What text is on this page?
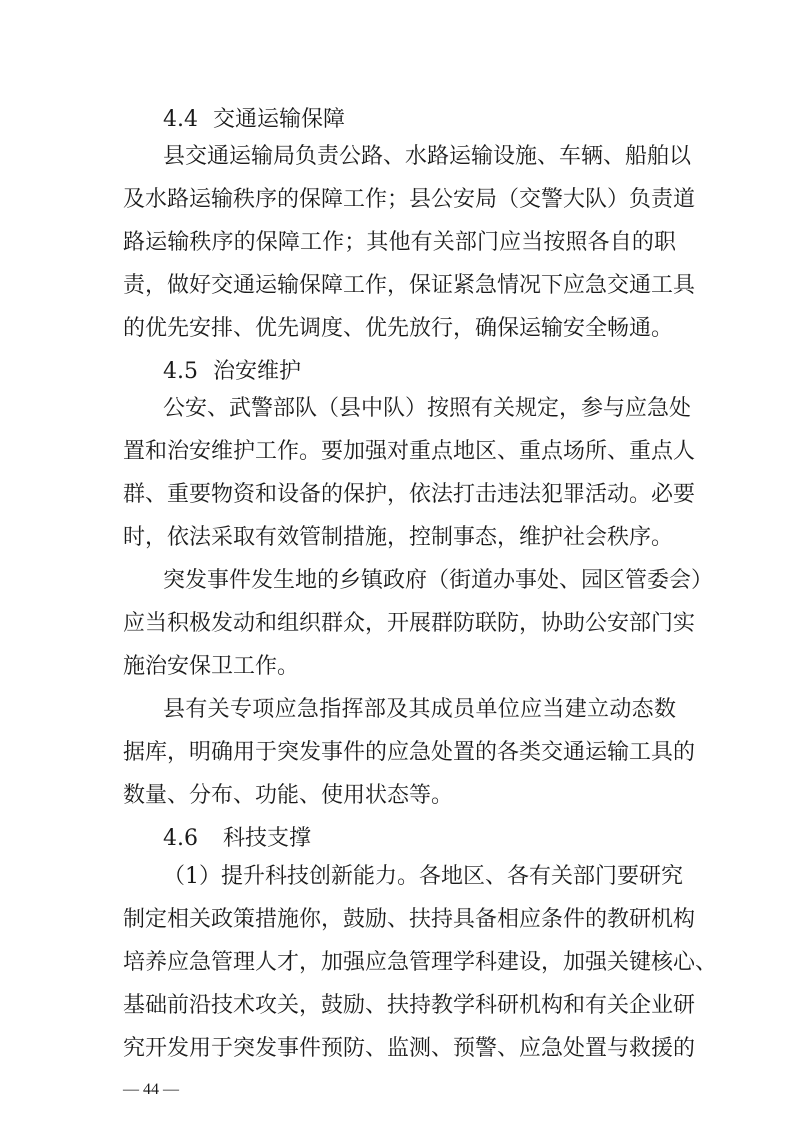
4.4 交通运输保障
县交通运输局负责公路、水路运输设施、车辆、船舶以
及水路运输秩序的保障工作；县公安局（交警大队）负责道
路运输秩序的保障工作；其他有关部门应当按照各自的职
责，做好交通运输保障工作，保证紧急情况下应急交通工具
的优先安排、优先调度、优先放行，确保运输安全畅通。
4.5 治安维护
公安、武警部队（县中队）按照有关规定，参与应急处
置和治安维护工作。要加强对重点地区、重点场所、重点人
群、重要物资和设备的保护，依法打击违法犯罪活动。必要
时，依法采取有效管制措施，控制事态，维护社会秩序。
突发事件发生地的乡镇政府（街道办事处、园区管委会）
应当积极发动和组织群众，开展群防联防，协助公安部门实
施治安保卫工作。
县有关专项应急指挥部及其成员单位应当建立动态数
据库，明确用于突发事件的应急处置的各类交通运输工具的
数量、分布、功能、使用状态等。
4.6 科技支撑
（1）提升科技创新能力。各地区、各有关部门要研究
制定相关政策措施你，鼓励、扶持具备相应条件的教研机构
培养应急管理人才，加强应急管理学科建设，加强关键核心、
基础前沿技术攻关，鼓励、扶持教学科研机构和有关企业研
究开发用于突发事件预防、监测、预警、应急处置与救援的
— 44 —
